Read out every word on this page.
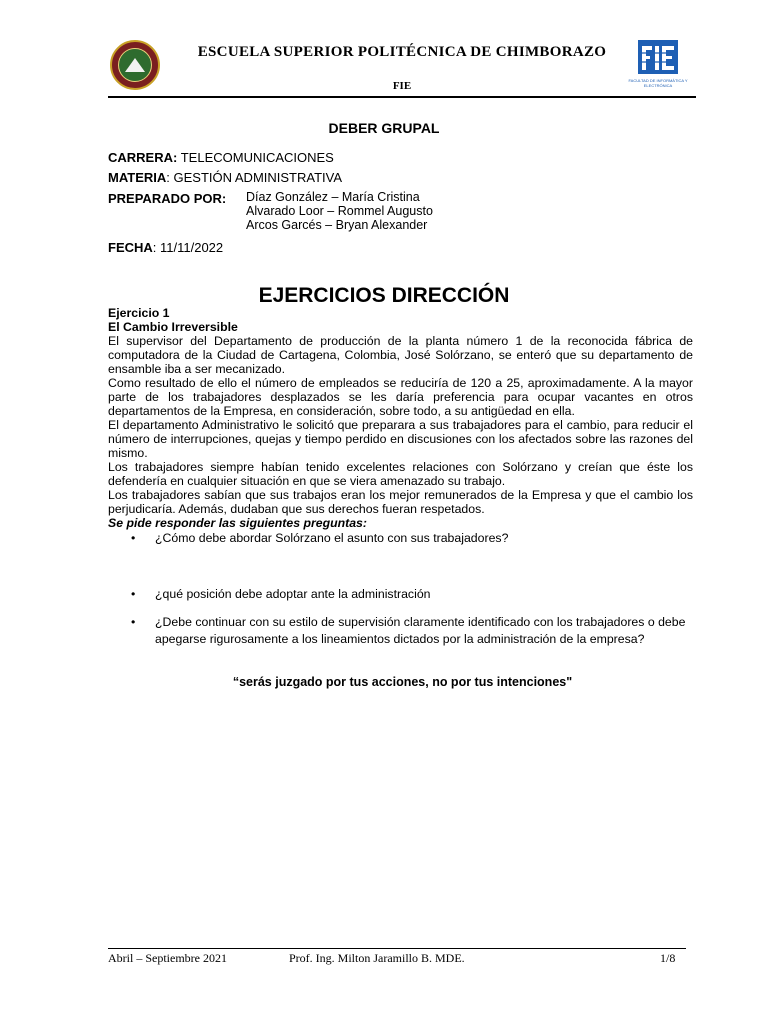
ESCUELA SUPERIOR POLITÉCNICA DE CHIMBORAZO
FIE	FACULTAD DE INFORMÁTICA Y ELECTRÓNICA
DEBER GRUPAL
CARRERA: TELECOMUNICACIONES
MATERIA: GESTIÓN ADMINISTRATIVA
PREPARADO POR: Díaz González – María Cristina
Alvarado Loor – Rommel Augusto
Arcos Garcés – Bryan Alexander
FECHA: 11/11/2022
EJERCICIOS DIRECCIÓN

Ejercicio 1

El Cambio Irreversible

El supervisor del Departamento de producción de la planta número 1 de la reconocida fábrica de computadora de la Ciudad de Cartagena, Colombia, José Solórzano, se enteró que su departamento de ensamble iba a ser mecanizado.

Como resultado de ello el número de empleados se reduciría de 120 a 25, aproximadamente. A la mayor parte de los trabajadores desplazados se les daría preferencia para ocupar vacantes en otros departamentos de la Empresa, en consideración, sobre todo, a su antigüedad en ella.

El departamento Administrativo le solicitó que preparara a sus trabajadores para el cambio, para reducir el número de interrupciones, quejas y tiempo perdido en discusiones con los afectados sobre las razones del mismo.

Los trabajadores siempre habían tenido excelentes relaciones con Solórzano y creían que éste los defendería en cualquier situación en que se viera amenazado su trabajo.

Los trabajadores sabían que sus trabajos eran los mejor remunerados de la Empresa y que el cambio los perjudicaría. Además, dudaban que sus derechos fueran respetados.

Se pide responder las siguientes preguntas:

• ¿Cómo debe abordar Solórzano el asunto con sus trabajadores?
• ¿qué posición debe adoptar ante la administración
• ¿Debe continuar con su estilo de supervisión claramente identificado con los trabajadores o debe apegarse rigurosamente a los lineamientos dictados por la administración de la empresa?
“serás juzgado por tus acciones, no por tus intenciones"
Abril – Septiembre 2021	Prof. Ing. Milton Jaramillo B. MDE.	1/8
